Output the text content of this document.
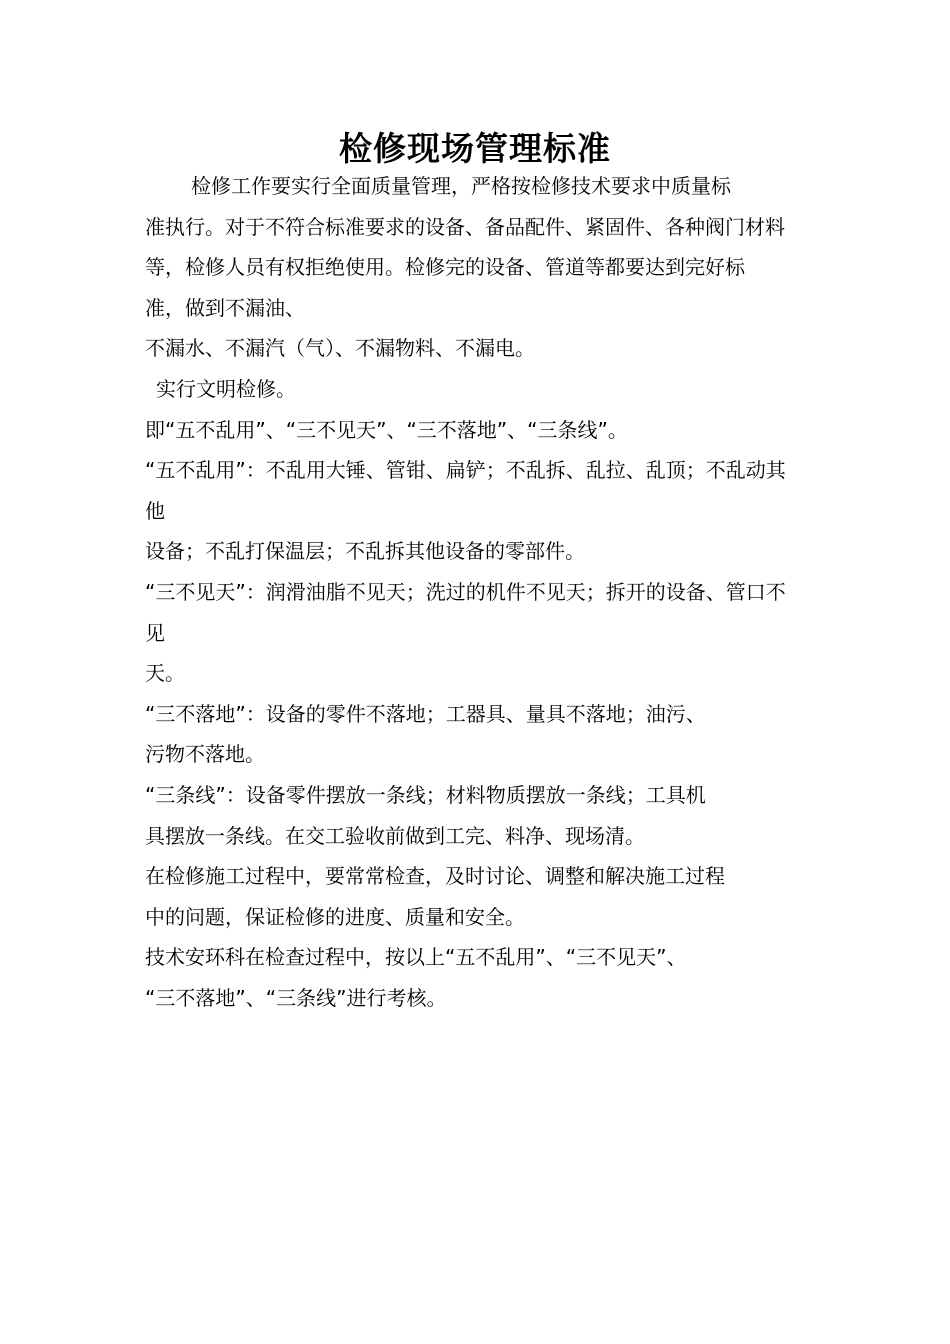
检修现场管理标准
检修工作要实行全面质量管理，严格按检修技术要求中质量标
准执行。对于不符合标准要求的设备、备品配件、紧固件、各种阀门材料
等，检修人员有权拒绝使用。检修完的设备、管道等都要达到完好标
准，做到不漏油、
不漏水、不漏汽（气）、不漏物料、不漏电。
实行文明检修。
即“五不乱用”、“三不见天”、“三不落地”、“三条线”。
“五不乱用”：不乱用大锤、管钳、扁铲；不乱拆、乱拉、乱顶；不乱动其
他
设备；不乱打保温层；不乱拆其他设备的零部件。
“三不见天”：润滑油脂不见天；洗过的机件不见天；拆开的设备、管口不
见
天。
“三不落地”：设备的零件不落地；工器具、量具不落地；油污、
污物不落地。
“三条线”：设备零件摆放一条线；材料物质摆放一条线；工具机
具摆放一条线。在交工验收前做到工完、料净、现场清。
在检修施工过程中，要常常检查，及时讨论、调整和解决施工过程
中的问题，保证检修的进度、质量和安全。
技术安环科在检查过程中，按以上“五不乱用”、“三不见天”、
“三不落地”、“三条线”进行考核。
